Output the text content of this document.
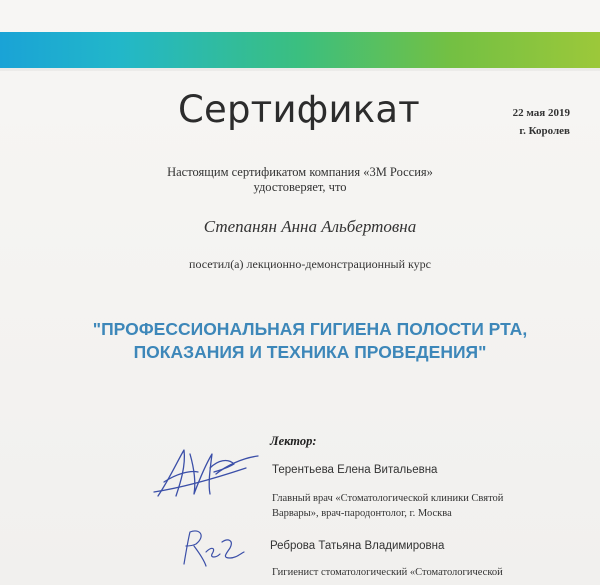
Сертификат	22 мая 2019
г. Королев
Настоящим сертификатом компания «3М Россия»
удостоверяет, что
Степанян Анна Альбертовна
посетил(а) лекционно-демонстрационный курс
"ПРОФЕССИОНАЛЬНАЯ ГИГИЕНА ПОЛОСТИ РТА,
ПОКАЗАНИЯ И ТЕХНИКА ПРОВЕДЕНИЯ"
Лектор:
Терентьева Елена Витальевна
Главный врач «Стоматологической клиники Святой
Варвары», врач-пародонтолог, г. Москва
Реброва Татьяна Владимировна
Гигиенист стоматологический «Стоматологической
